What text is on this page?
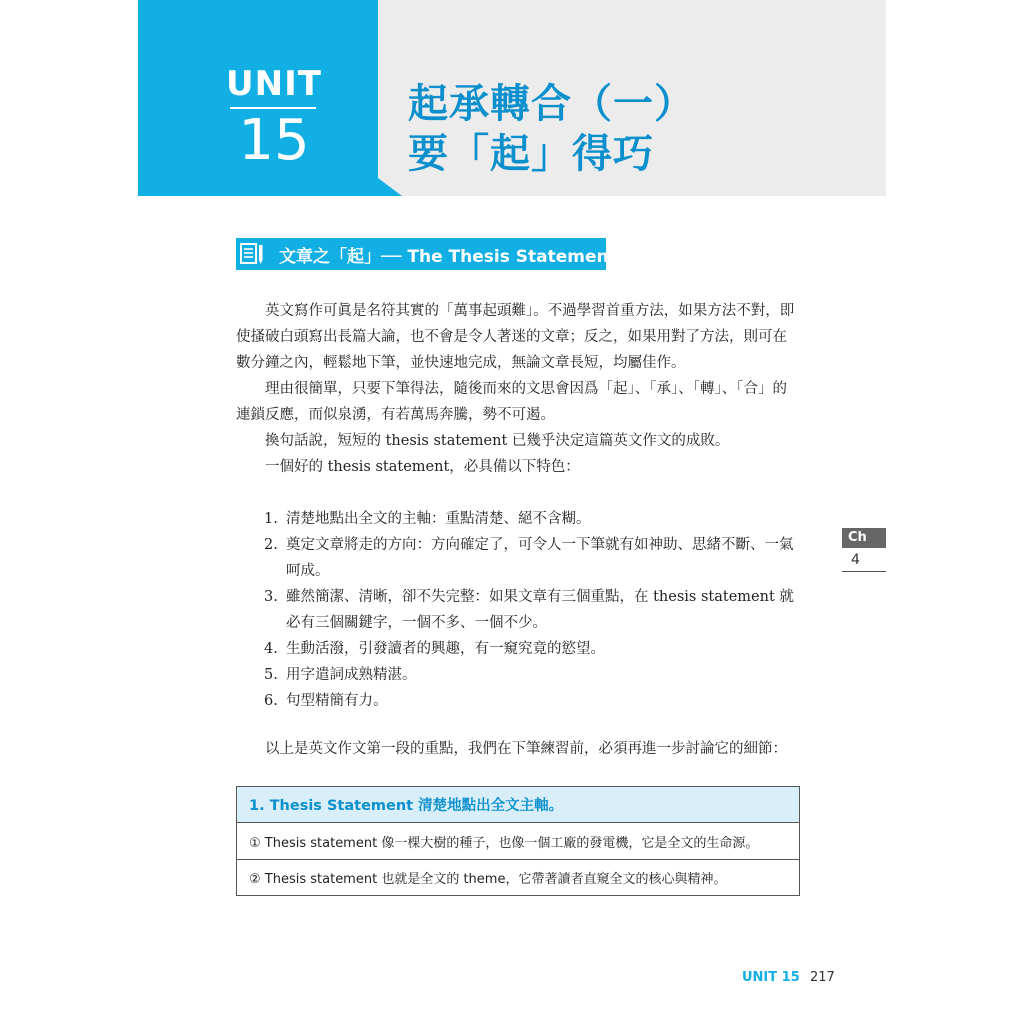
UNIT
15
起承轉合（一）
要「起」得巧
文章之「起」── The Thesis Statement

英文寫作可眞是名符其實的「萬事起頭難」。不過學習首重方法，如果方法不對，即使搔破白頭寫出長篇大論，也不會是令人著迷的文章；反之，如果用對了方法，則可在數分鐘之內，輕鬆地下筆，並快速地完成，無論文章長短，均屬佳作。

理由很簡單，只要下筆得法，隨後而來的文思會因爲「起」、「承」、「轉」、「合」的連鎖反應，而似泉湧，有若萬馬奔騰，勢不可遏。

換句話說，短短的 thesis statement 已幾乎決定這篇英文作文的成敗。

一個好的 thesis statement，必具備以下特色：

1. 清楚地點出全文的主軸：重點清楚、絕不含糊。
2. 奠定文章將走的方向：方向確定了，可令人一下筆就有如神助、思緒不斷、一氣呵成。
3. 雖然簡潔、清晰，卻不失完整：如果文章有三個重點，在 thesis statement 就必有三個關鍵字，一個不多、一個不少。
4. 生動活潑，引發讀者的興趣，有一窺究竟的慾望。
5. 用字遣詞成熟精湛。
6. 句型精簡有力。

以上是英文作文第一段的重點，我們在下筆練習前，必須再進一步討論它的細節：

1. Thesis Statement 清楚地點出全文主軸。
① Thesis statement 像一棵大樹的種子，也像一個工廠的發電機，它是全文的生命源。
② Thesis statement 也就是全文的 theme，它帶著讀者直窺全文的核心與精神。
Ch
4
UNIT 15 217
